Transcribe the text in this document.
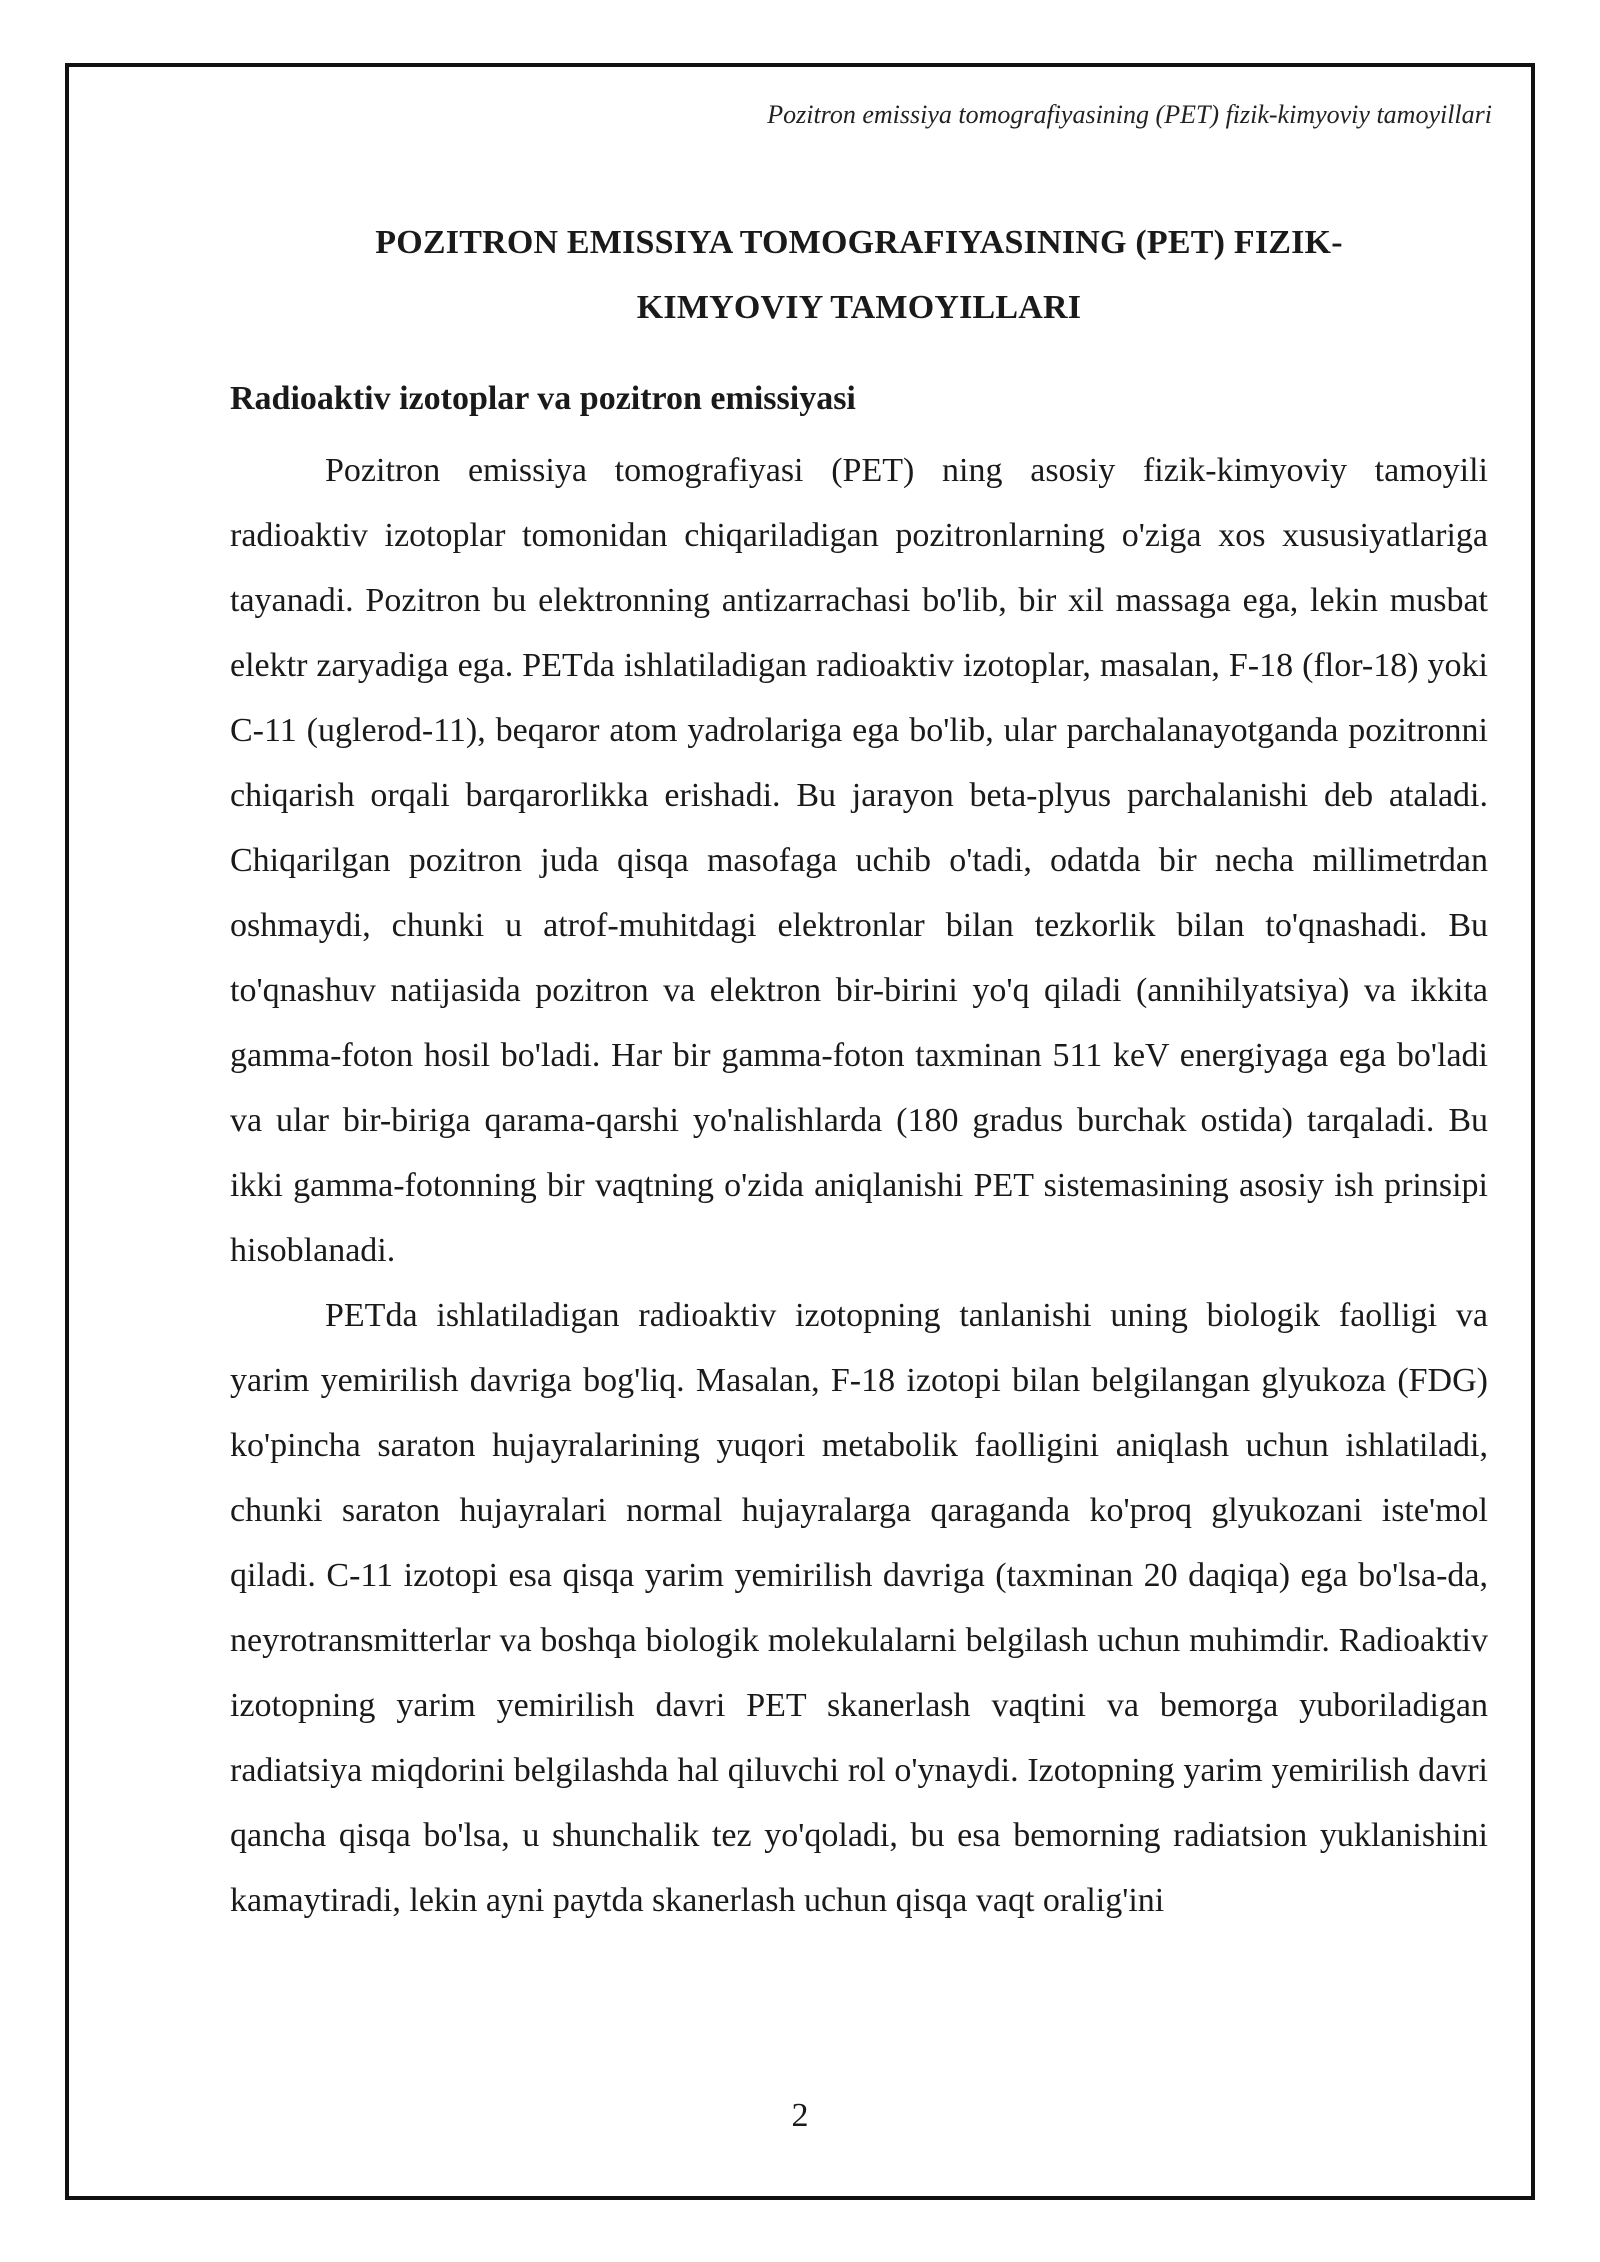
Pozitron emissiya tomografiyasining (PET) fizik-kimyoviy tamoyillari
POZITRON EMISSIYA TOMOGRAFIYASINING (PET) FIZIK-
KIMYOVIY TAMOYILLARI
Radioaktiv izotoplar va pozitron emissiyasi

Pozitron emissiya tomografiyasi (PET) ning asosiy fizik-kimyoviy tamoyili radioaktiv izotoplar tomonidan chiqariladigan pozitronlarning o'ziga xos xususiyatlariga tayanadi. Pozitron bu elektronning antizarrachasi bo'lib, bir xil massaga ega, lekin musbat elektr zaryadiga ega. PETda ishlatiladigan radioaktiv izotoplar, masalan, F-18 (flor-18) yoki C-11 (uglerod-11), beqaror atom yadrolariga ega bo'lib, ular parchalanayotganda pozitronni chiqarish orqali barqarorlikka erishadi. Bu jarayon beta-plyus parchalanishi deb ataladi. Chiqarilgan pozitron juda qisqa masofaga uchib o'tadi, odatda bir necha millimetrdan oshmaydi, chunki u atrof-muhitdagi elektronlar bilan tezkorlik bilan to'qnashadi. Bu to'qnashuv natijasida pozitron va elektron bir-birini yo'q qiladi (annihilyatsiya) va ikkita gamma-foton hosil bo'ladi. Har bir gamma-foton taxminan 511 keV energiyaga ega bo'ladi va ular bir-biriga qarama-qarshi yo'nalishlarda (180 gradus burchak ostida) tarqaladi. Bu ikki gamma-fotonning bir vaqtning o'zida aniqlanishi PET sistemasining asosiy ish prinsipi hisoblanadi.

PETda ishlatiladigan radioaktiv izotopning tanlanishi uning biologik faolligi va yarim yemirilish davriga bog'liq. Masalan, F-18 izotopi bilan belgilangan glyukoza (FDG) ko'pincha saraton hujayralarining yuqori metabolik faolligini aniqlash uchun ishlatiladi, chunki saraton hujayralari normal hujayralarga qaraganda ko'proq glyukozani iste'mol qiladi. C-11 izotopi esa qisqa yarim yemirilish davriga (taxminan 20 daqiqa) ega bo'lsa-da, neyrotransmitterlar va boshqa biologik molekulalarni belgilash uchun muhimdir. Radioaktiv izotopning yarim yemirilish davri PET skanerlash vaqtini va bemorga yuboriladigan radiatsiya miqdorini belgilashda hal qiluvchi rol o'ynaydi. Izotopning yarim yemirilish davri qancha qisqa bo'lsa, u shunchalik tez yo'qoladi, bu esa bemorning radiatsion yuklanishini kamaytiradi, lekin ayni paytda skanerlash uchun qisqa vaqt oralig'ini

2
